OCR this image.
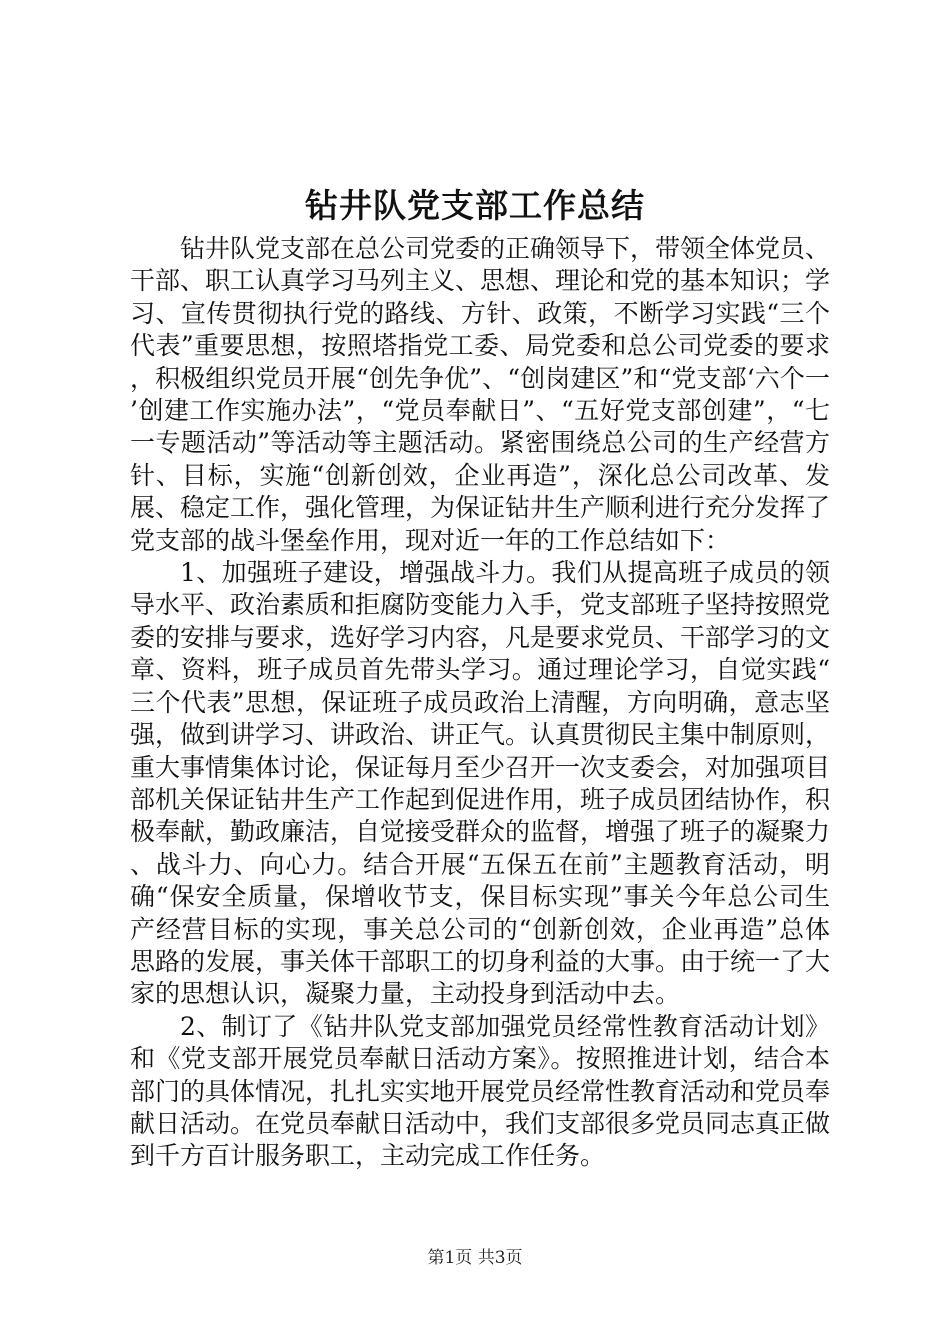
钻井队党支部工作总结

钻井队党支部在总公司党委的正确领导下，带领全体党员、干部、职工认真学习马列主义、思想、理论和党的基本知识；学习、宣传贯彻执行党的路线、方针、政策，不断学习实践“三个代表”重要思想，按照塔指党工委、局党委和总公司党委的要求，积极组织党员开展“创先争优”、“创岗建区”和“党支部‘六个一’创建工作实施办法”，“党员奉献日”、“五好党支部创建”，“七一专题活动”等活动等主题活动。紧密围绕总公司的生产经营方针、目标，实施“创新创效，企业再造”，深化总公司改革、发展、稳定工作，强化管理，为保证钻井生产顺利进行充分发挥了党支部的战斗堡垒作用，现对近一年的工作总结如下：

1、加强班子建设，增强战斗力。我们从提高班子成员的领导水平、政治素质和拒腐防变能力入手，党支部班子坚持按照党委的安排与要求，选好学习内容，凡是要求党员、干部学习的文章、资料，班子成员首先带头学习。通过理论学习，自觉实践“三个代表”思想，保证班子成员政治上清醒，方向明确，意志坚强，做到讲学习、讲政治、讲正气。认真贯彻民主集中制原则，重大事情集体讨论，保证每月至少召开一次支委会，对加强项目部机关保证钻井生产工作起到促进作用，班子成员团结协作，积极奉献，勤政廉洁，自觉接受群众的监督，增强了班子的凝聚力、战斗力、向心力。结合开展“五保五在前”主题教育活动，明确“保安全质量，保增收节支，保目标实现”事关今年总公司生产经营目标的实现，事关总公司的“创新创效，企业再造”总体思路的发展，事关体干部职工的切身利益的大事。由于统一了大家的思想认识，凝聚力量，主动投身到活动中去。

2、制订了《钻井队党支部加强党员经常性教育活动计划》和《党支部开展党员奉献日活动方案》。按照推进计划，结合本部门的具体情况，扎扎实实地开展党员经常性教育活动和党员奉献日活动。在党员奉献日活动中，我们支部很多党员同志真正做到千方百计服务职工，主动完成工作任务。

第1页 共3页
